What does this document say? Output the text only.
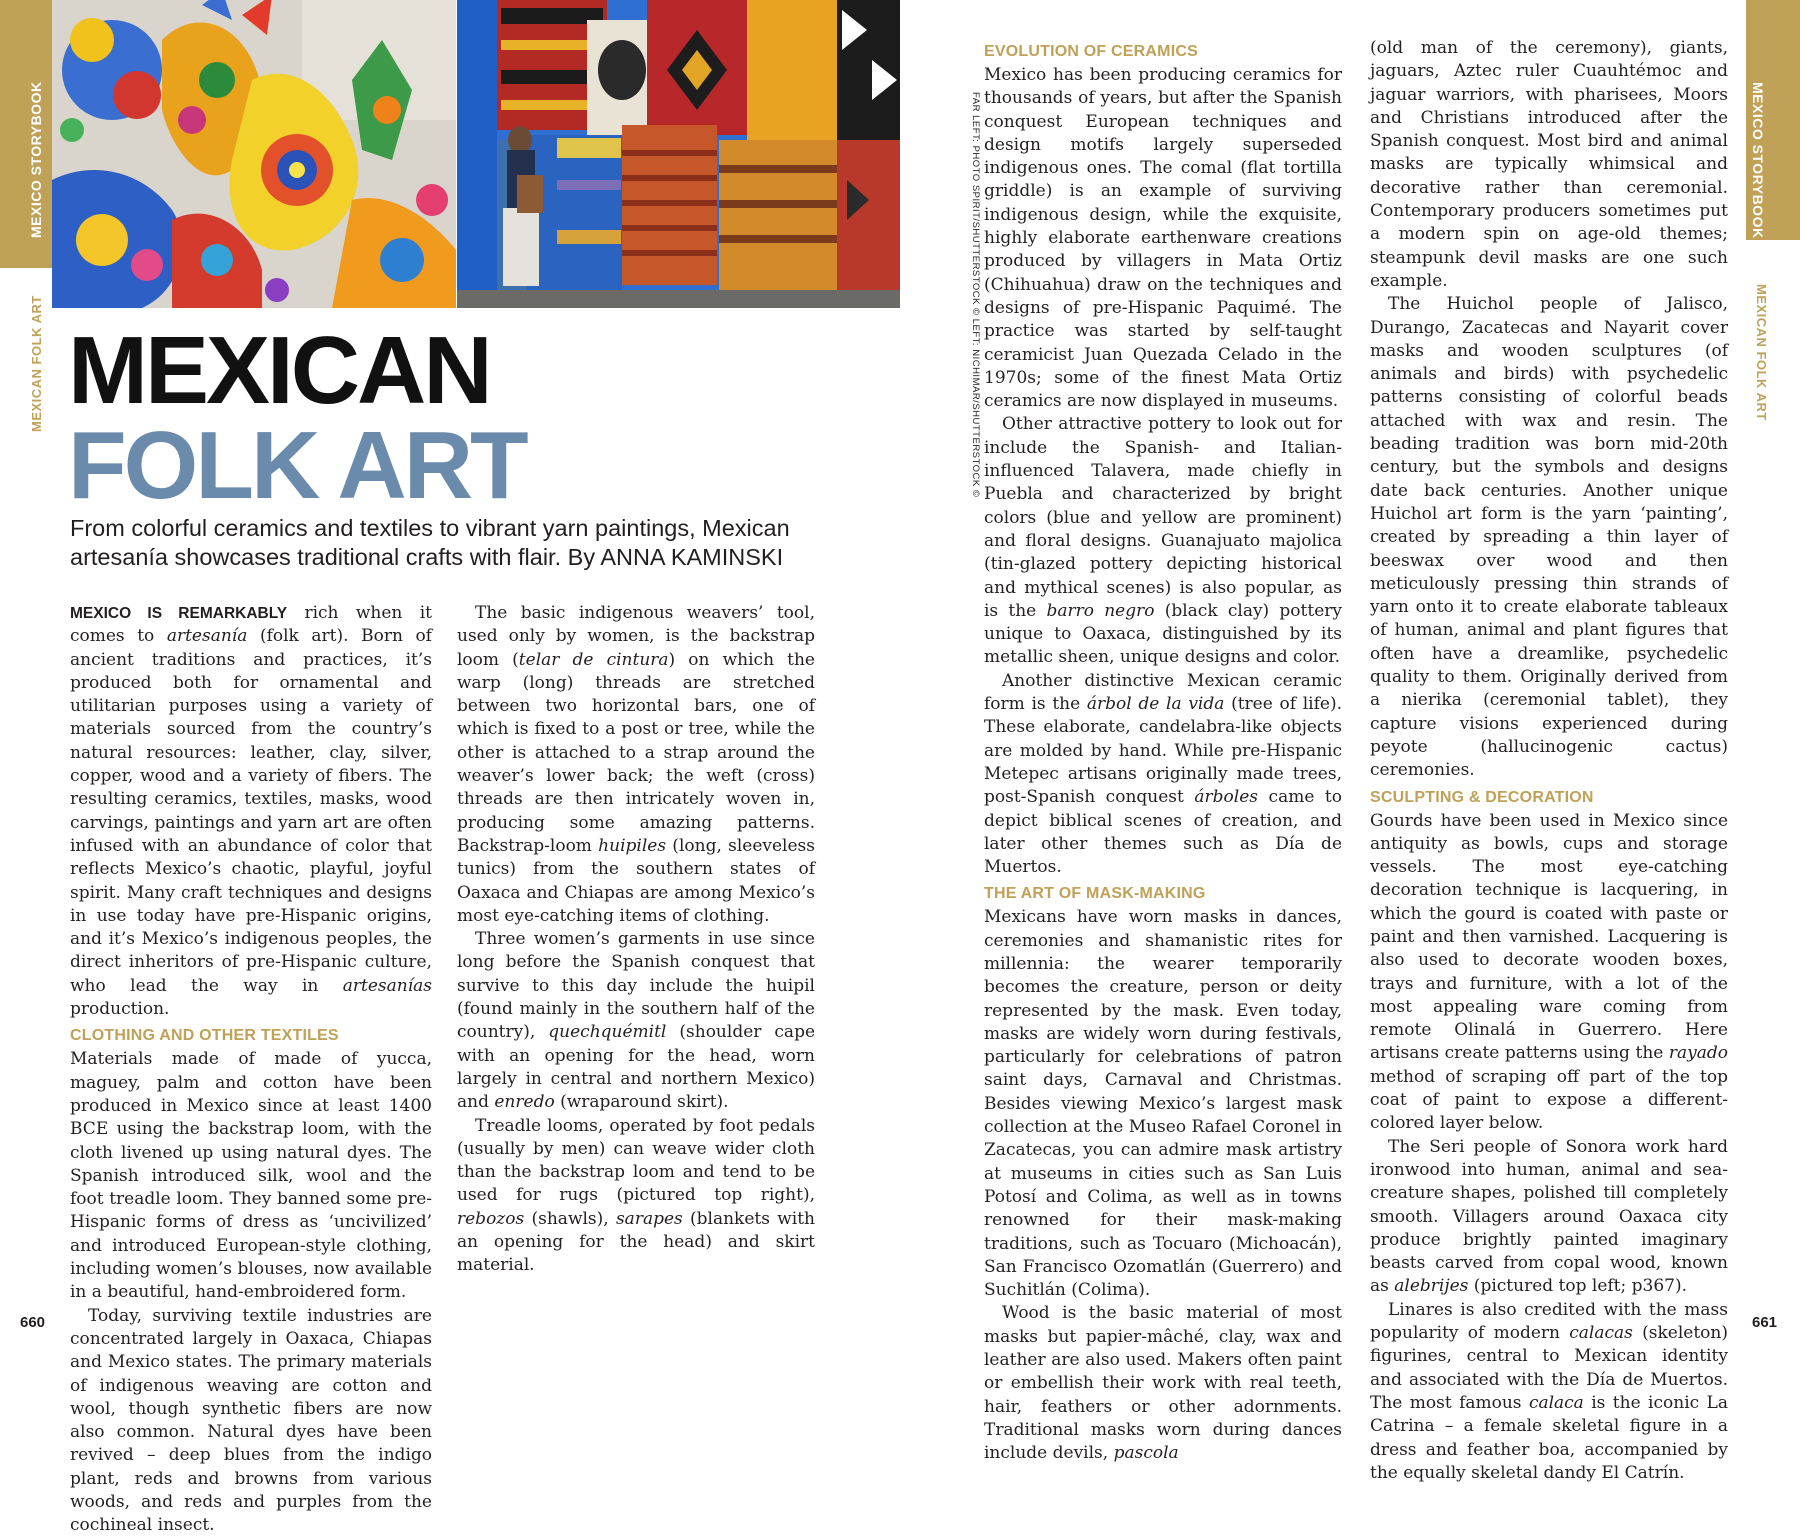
MEXICO STORYBOOK
MEXICAN FOLK ART
MEXICO STORYBOOK
MEXICAN FOLK ART
MEXICAN
FOLK ART
From colorful ceramics and textiles to vibrant yarn paintings, Mexican artesanía showcases traditional crafts with flair. By ANNA KAMINSKI

MEXICO IS REMARKABLY rich when it comes to artesanía (folk art). Born of ancient traditions and practices, it’s produced both for ornamental and utilitarian purposes using a variety of materials sourced from the country’s natural resources: leather, clay, silver, copper, wood and a variety of fibers. The resulting ceramics, textiles, masks, wood carvings, paintings and yarn art are often infused with an abundance of color that reflects Mexico’s chaotic, playful, joyful spirit. Many craft techniques and designs in use today have pre-Hispanic origins, and it’s Mexico’s indigenous peoples, the direct inheritors of pre-Hispanic culture, who lead the way in artesanías production.

CLOTHING AND OTHER TEXTILES

Materials made of made of yucca, maguey, palm and cotton have been produced in Mexico since at least 1400 BCE using the backstrap loom, with the cloth livened up using natural dyes. The Spanish introduced silk, wool and the foot treadle loom. They banned some pre-Hispanic forms of dress as ‘uncivilized’ and introduced European-style clothing, including women’s blouses, now available in a beautiful, hand-embroidered form.

Today, surviving textile industries are concentrated largely in Oaxaca, Chiapas and Mexico states. The primary materials of indigenous weaving are cotton and wool, though synthetic fibers are now also common. Natural dyes have been revived – deep blues from the indigo plant, reds and browns from various woods, and reds and purples from the cochineal insect.

The basic indigenous weavers’ tool, used only by women, is the backstrap loom (telar de cintura) on which the warp (long) threads are stretched between two horizontal bars, one of which is fixed to a post or tree, while the other is attached to a strap around the weaver’s lower back; the weft (cross) threads are then intricately woven in, producing some amazing patterns. Backstrap-loom huipiles (long, sleeveless tunics) from the southern states of Oaxaca and Chiapas are among Mexico’s most eye-catching items of clothing.

Three women’s garments in use since long before the Spanish conquest that survive to this day include the huipil (found mainly in the southern half of the country), quechquémitl (shoulder cape with an opening for the head, worn largely in central and northern Mexico) and enredo (wraparound skirt).

Treadle looms, operated by foot pedals (usually by men) can weave wider cloth than the backstrap loom and tend to be used for rugs (pictured top right), rebozos (shawls), sarapes (blankets with an opening for the head) and skirt material.

660
FAR LEFT: PHOTO SPIRIT/SHUTTERSTOCK © LEFT: NICHIMAR/SHUTTERSTOCK ©
EVOLUTION OF CERAMICS

Mexico has been producing ceramics for thousands of years, but after the Spanish conquest European techniques and design motifs largely superseded indigenous ones. The comal (flat tortilla griddle) is an example of surviving indigenous design, while the exquisite, highly elaborate earthenware creations produced by villagers in Mata Ortiz (Chihuahua) draw on the techniques and designs of pre-Hispanic Paquimé. The practice was started by self-taught ceramicist Juan Quezada Celado in the 1970s; some of the finest Mata Ortiz ceramics are now displayed in museums.

Other attractive pottery to look out for include the Spanish- and Italian-influenced Talavera, made chiefly in Puebla and characterized by bright colors (blue and yellow are prominent) and floral designs. Guanajuato majolica (tin-glazed pottery depicting historical and mythical scenes) is also popular, as is the barro negro (black clay) pottery unique to Oaxaca, distinguished by its metallic sheen, unique designs and color.

Another distinctive Mexican ceramic form is the árbol de la vida (tree of life). These elaborate, candelabra-like objects are molded by hand. While pre-Hispanic Metepec artisans originally made trees, post-Spanish conquest árboles came to depict biblical scenes of creation, and later other themes such as Día de Muertos.

THE ART OF MASK-MAKING

Mexicans have worn masks in dances, ceremonies and shamanistic rites for millennia: the wearer temporarily becomes the creature, person or deity represented by the mask. Even today, masks are widely worn during festivals, particularly for celebrations of patron saint days, Carnaval and Christmas. Besides viewing Mexico’s largest mask collection at the Museo Rafael Coronel in Zacatecas, you can admire mask artistry at museums in cities such as San Luis Potosí and Colima, as well as in towns renowned for their mask-making traditions, such as Tocuaro (Michoacán), San Francisco Ozomatlán (Guerrero) and Suchitlán (Colima).

Wood is the basic material of most masks but papier-mâché, clay, wax and leather are also used. Makers often paint or embellish their work with real teeth, hair, feathers or other adornments. Traditional masks worn during dances include devils, pascola

(old man of the ceremony), giants, jaguars, Aztec ruler Cuauhtémoc and jaguar warriors, with pharisees, Moors and Christians introduced after the Spanish conquest. Most bird and animal masks are typically whimsical and decorative rather than ceremonial. Contemporary producers sometimes put a modern spin on age-old themes; steampunk devil masks are one such example.

The Huichol people of Jalisco, Durango, Zacatecas and Nayarit cover masks and wooden sculptures (of animals and birds) with psychedelic patterns consisting of colorful beads attached with wax and resin. The beading tradition was born mid-20th century, but the symbols and designs date back centuries. Another unique Huichol art form is the yarn ‘painting’, created by spreading a thin layer of beeswax over wood and then meticulously pressing thin strands of yarn onto it to create elaborate tableaux of human, animal and plant figures that often have a dreamlike, psychedelic quality to them. Originally derived from a nierika (ceremonial tablet), they capture visions experienced during peyote (hallucinogenic cactus) ceremonies.

SCULPTING & DECORATION

Gourds have been used in Mexico since antiquity as bowls, cups and storage vessels. The most eye-catching decoration technique is lacquering, in which the gourd is coated with paste or paint and then varnished. Lacquering is also used to decorate wooden boxes, trays and furniture, with a lot of the most appealing ware coming from remote Olinalá in Guerrero. Here artisans create patterns using the rayado method of scraping off part of the top coat of paint to expose a different-colored layer below.

The Seri people of Sonora work hard ironwood into human, animal and sea-creature shapes, polished till completely smooth. Villagers around Oaxaca city produce brightly painted imaginary beasts carved from copal wood, known as alebrijes (pictured top left; p367).

Linares is also credited with the mass popularity of modern calacas (skeleton) figurines, central to Mexican identity and associated with the Día de Muertos. The most famous calaca is the iconic La Catrina – a female skeletal figure in a dress and feather boa, accompanied by the equally skeletal dandy El Catrín.

661
